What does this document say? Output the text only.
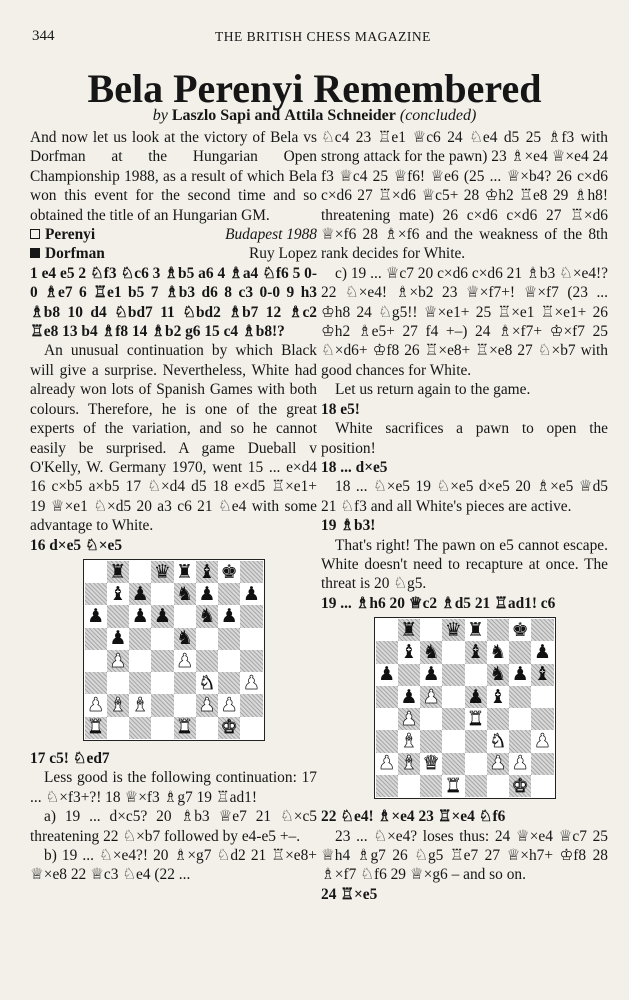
344	THE BRITISH CHESS MAGAZINE
Bela Perenyi Remembered
by Laszlo Sapi and Attila Schneider (concluded)

And now let us look at the victory of Bela vs Dorfman at the Hungarian Open Championship 1988, as a result of which Bela won this event for the second time and so obtained the title of an Hungarian GM.

Perenyi	Budapest 1988
Dorfman	Ruy Lopez

1 e4 e5 2 ♘f3 ♘c6 3 ♗b5 a6 4 ♗a4 ♘f6 5 0-0 ♗e7 6 ♖e1 b5 7 ♗b3 d6 8 c3 0-0 9 h3 ♗b8 10 d4 ♘bd7 11 ♘bd2 ♗b7 12 ♗c2 ♖e8 13 b4 ♗f8 14 ♗b2 g6 15 c4 ♗b8!?

An unusual continuation by which Black will give a surprise. Nevertheless, White had already won lots of Spanish Games with both colours. Therefore, he is one of the great experts of the variation, and so he cannot easily be surprised. A game Dueball v O'Kelly, W. Germany 1970, went 15 ... e×d4 16 c×b5 a×b5 17 ♘×d4 d5 18 e×d5 ♖×e1+ 19 ♕×e1 ♘×d5 20 a3 c6 21 ♘e4 with some advantage to White.

16 d×e5 ♘×e5

♜ ♛ ♜ ♝ ♚
♝ ♟ ♞ ♟ ♟
♟ ♟ ♟ ♞ ♟
♟	♞
♟	♟
♞ ♟
♟ ♝ ♝	♟ ♟
♜	♜ ♚

17 c5! ♘ed7

Less good is the following continuation: 17 ... ♘×f3+?! 18 ♕×f3 ♗g7 19 ♖ad1!

a) 19 ... d×c5? 20 ♗b3 ♕e7 21 ♘×c5 threatening 22 ♘×b7 followed by e4-e5 +–.

b) 19 ... ♘×e4?! 20 ♗×g7 ♘d2 21 ♖×e8+ ♕×e8 22 ♕c3 ♘e4 (22 ...

♘c4 23 ♖e1 ♕c6 24 ♘e4 d5 25 ♗f3 with strong attack for the pawn) 23 ♗×e4 ♕×e4 24 f3 ♕c4 25 ♕f6! ♕e6 (25 ... ♕×b4? 26 c×d6 c×d6 27 ♖×d6 ♕c5+ 28 ♔h2 ♖e8 29 ♗h8! threatening mate) 26 c×d6 c×d6 27 ♖×d6 ♕×f6 28 ♗×f6 and the weakness of the 8th rank decides for White.

c) 19 ... ♕c7 20 c×d6 c×d6 21 ♗b3 ♘×e4!? 22 ♘×e4! ♗×b2 23 ♕×f7+! ♕×f7 (23 ... ♔h8 24 ♘g5!! ♕×e1+ 25 ♖×e1 ♖×e1+ 26 ♔h2 ♗e5+ 27 f4 +–) 24 ♗×f7+ ♔×f7 25 ♘×d6+ ♔f8 26 ♖×e8+ ♖×e8 27 ♘×b7 with good chances for White.

Let us return again to the game.

18 e5!

White sacrifices a pawn to open the position!

18 ... d×e5

18 ... ♘×e5 19 ♘×e5 d×e5 20 ♗×e5 ♕d5 21 ♘f3 and all White's pieces are active.

19 ♗b3!

That's right! The pawn on e5 cannot escape. White doesn't need to recapture at once. The threat is 20 ♘g5.

19 ... ♗h6 20 ♕c2 ♗d5 21 ♖ad1! c6

♜ ♛ ♜ ♚
♝ ♞ ♝ ♞ ♟
♟ ♟	♞ ♟ ♝
♟ ♟ ♟ ♝
♟	♜
♝	♞ ♟
♟ ♝ ♛	♟ ♟
♜	♚

22 ♘e4! ♗×e4 23 ♖×e4 ♘f6

23 ... ♘×e4? loses thus: 24 ♕×e4 ♕c7 25 ♕h4 ♗g7 26 ♘g5 ♖e7 27 ♕×h7+ ♔f8 28 ♗×f7 ♘f6 29 ♕×g6 – and so on.

24 ♖×e5
